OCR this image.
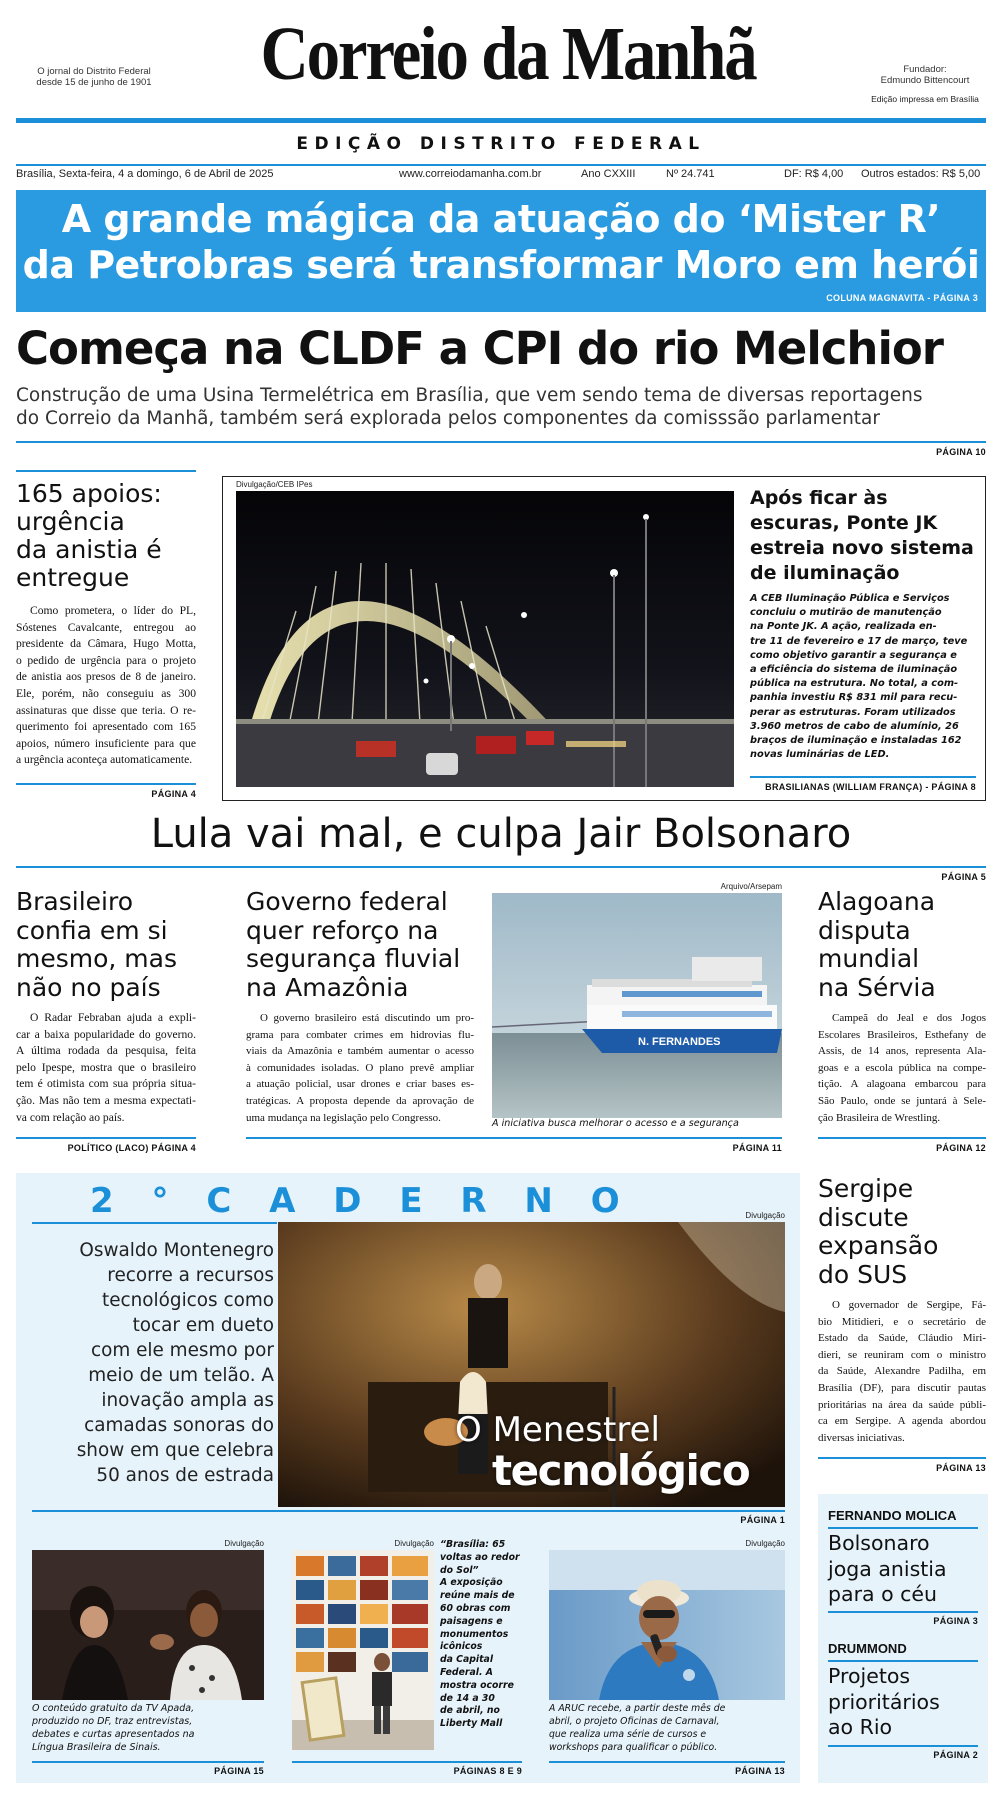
O jornal do Distrito Federal
desde 15 de junho de 1901	Correio da Manhã	Fundador:
Edmundo Bittencourt
Edição impressa em Brasília
EDIÇÃO DISTRITO FEDERAL
Brasília, Sexta-feira, 4 a domingo, 6 de Abril de 2025	www.correiodamanha.com.br	Ano CXXIII	Nº 24.741	DF: R$ 4,00 Outros estados: R$ 5,00
A grande mágica da atuação do ‘Mister R’
da Petrobras será transformar Moro em herói
COLUNA MAGNAVITA - PÁGINA 3
Começa na CLDF a CPI do rio Melchior
Construção de uma Usina Termelétrica em Brasília, que vem sendo tema de diversas reportagens
do Correio da Manhã, também será explorada pelos componentes da comisssão parlamentar
PÁGINA 10
165 apoios:
urgência
da anistia é
entregue
Como prometera, o líder do PL,
Sóstenes Cavalcante, entregou ao
presidente da Câmara, Hugo Motta,
o pedido de urgência para o projeto
de anistia aos presos de 8 de janeiro.
Ele, porém, não conseguiu as 300
assinaturas que disse que teria. O re-
querimento foi apresentado com 165
apoios, número insuficiente para que
a urgência aconteça automaticamente.
PÁGINA 4
Divulgação/CEB IPes
Após ficar às
escuras, Ponte JK
estreia novo sistema
de iluminação
A CEB Iluminação Pública e Serviços
concluiu o mutirão de manutenção
na Ponte JK. A ação, realizada en-
tre 11 de fevereiro e 17 de março, teve
como objetivo garantir a segurança e
a eficiência do sistema de iluminação
pública na estrutura. No total, a com-
panhia investiu R$ 831 mil para recu-
perar as estruturas. Foram utilizados
3.960 metros de cabo de alumínio, 26
braços de iluminação e instaladas 162
novas luminárias de LED.
BRASILIANAS (WILLIAM FRANÇA) - PÁGINA 8
Lula vai mal, e culpa Jair Bolsonaro
PÁGINA 5
Brasileiro
confia em si
mesmo, mas
não no país
O Radar Febraban ajuda a expli-
car a baixa popularidade do governo.
A última rodada da pesquisa, feita
pelo Ipespe, mostra que o brasileiro
tem é otimista com sua própria situa-
ção. Mas não tem a mesma expectati-
va com relação ao país.
POLÍTICO (LACO) PÁGINA 4
Governo federal
quer reforço na
segurança fluvial
na Amazônia
O governo brasileiro está discutindo um pro-
grama para combater crimes em hidrovias flu-
viais da Amazônia e também aumentar o acesso
à comunidades isoladas. O plano prevê ampliar
a atuação policial, usar drones e criar bases es-
tratégicas. A proposta depende da aprovação de
uma mudança na legislação pelo Congresso.
Arquivo/Arsepam
N. FERNANDES
A iniciativa busca melhorar o acesso e a segurança
PÁGINA 11
Alagoana
disputa
mundial
na Sérvia
Campeã do Jeal e dos Jogos
Escolares Brasileiros, Esthefany de
Assis, de 14 anos, representa Ala-
goas e a escola pública na compe-
tição. A alagoana embarcou para
São Paulo, onde se juntará à Sele-
ção Brasileira de Wrestling.
PÁGINA 12
2 ° C A D E R N O	Divulgação
Oswaldo Montenegro
recorre a recursos
tecnológicos como
tocar em dueto
com ele mesmo por
meio de um telão. A
inovação ampla as
camadas sonoras do
show em que celebra
50 anos de estrada
O Menestrel
tecnológico
PÁGINA 1
Divulgação
O conteúdo gratuito da TV Apada,
produzido no DF, traz entrevistas,
debates e curtas apresentados na
Língua Brasileira de Sinais.
PÁGINA 15
Divulgação “Brasília: 65
voltas ao redor
do Sol”
A exposição
reúne mais de
60 obras com
paisagens e
monumentos
icônicos
da Capital
Federal. A
mostra ocorre
de 14 a 30
de abril, no
Liberty Mall
PÁGINAS 8 E 9
Divulgação
A ARUC recebe, a partir deste mês de
abril, o projeto Oficinas de Carnaval,
que realiza uma série de cursos e
workshops para qualificar o público.
PÁGINA 13
Sergipe
discute
expansão
do SUS
O governador de Sergipe, Fá-
bio Mitidieri, e o secretário de
Estado da Saúde, Cláudio Miri-
dieri, se reuniram com o ministro
da Saúde, Alexandre Padilha, em
Brasília (DF), para discutir pautas
prioritárias na área da saúde públi-
ca em Sergipe. A agenda abordou
diversas iniciativas.
PÁGINA 13
FERNANDO MOLICA
Bolsonaro
joga anistia
para o céu
PÁGINA 3
DRUMMOND
Projetos
prioritários
ao Rio
PÁGINA 2
